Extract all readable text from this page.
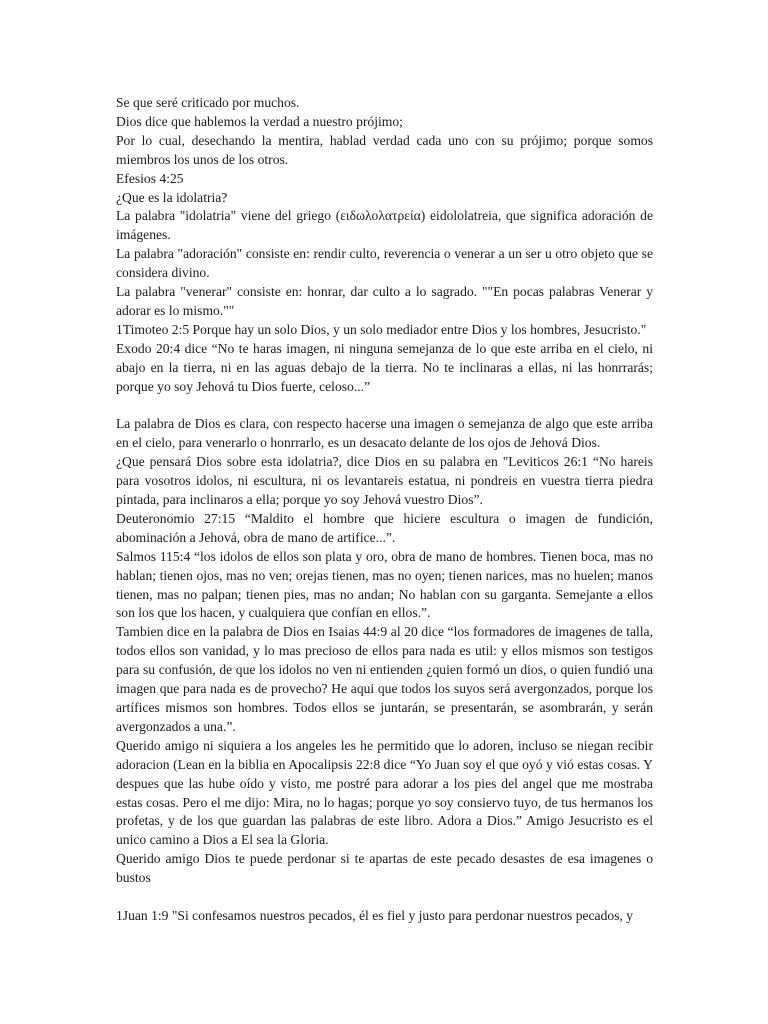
Se que seré criticado por muchos.

Dios dice que hablemos la verdad a nuestro prójimo;

Por lo cual, desechando la mentira, hablad verdad cada uno con su prójimo; porque somos miembros los unos de los otros.

Efesios 4:25

¿Que es la idolatria?

La palabra "idolatria" viene del griego (ειδωλολατρεία) eidololatreia, que significa adoración de imágenes.

La palabra "adoración" consiste en: rendir culto, reverencia o venerar a un ser u otro objeto que se considera divino.

La palabra "venerar" consiste en: honrar, dar culto a lo sagrado. ""En pocas palabras Venerar y adorar es lo mismo.""

1Timoteo 2:5 Porque hay un solo Dios, y un solo mediador entre Dios y los hombres, Jesucristo."

Exodo 20:4 dice “No te haras imagen, ni ninguna semejanza de lo que este arriba en el cielo, ni abajo en la tierra, ni en las aguas debajo de la tierra. No te inclinaras a ellas, ni las honrrarás; porque yo soy Jehová tu Dios fuerte, celoso...”

La palabra de Dios es clara, con respecto hacerse una imagen o semejanza de algo que este arriba en el cielo, para venerarlo o honrrarlo, es un desacato delante de los ojos de Jehová Dios.

¿Que pensará Dios sobre esta idolatria?, dice Dios en su palabra en "Leviticos 26:1 “No hareis para vosotros idolos, ni escultura, ni os levantareis estatua, ni pondreis en vuestra tierra piedra pintada, para inclinaros a ella; porque yo soy Jehová vuestro Dios”.

Deuteronomio 27:15 “Maldito el hombre que hiciere escultura o imagen de fundición, abominación a Jehová, obra de mano de artifice...”.

Salmos 115:4 “los idolos de ellos son plata y oro, obra de mano de hombres. Tienen boca, mas no hablan; tienen ojos, mas no ven; orejas tienen, mas no oyen; tienen narices, mas no huelen; manos tienen, mas no palpan; tienen pies, mas no andan; No hablan con su garganta. Semejante a ellos son los que los hacen, y cualquiera que confían en ellos.”.

Tambien dice en la palabra de Dios en Isaias 44:9 al 20 dice “los formadores de imagenes de talla, todos ellos son vanidad, y lo mas precioso de ellos para nada es util: y ellos mismos son testigos para su confusión, de que los idolos no ven ni entienden ¿quien formó un dios, o quien fundió una imagen que para nada es de provecho? He aqui que todos los suyos será avergonzados, porque los artífices mismos son hombres. Todos ellos se juntarán, se presentarán, se asombrarán, y serán avergonzados a una.”.

Querido amigo ni siquiera a los angeles les he permitido que lo adoren, incluso se niegan recibir adoracion (Lean en la biblia en Apocalipsis 22:8 dice “Yo Juan soy el que oyó y vió estas cosas. Y despues que las hube oído y visto, me postré para adorar a los pies del angel que me mostraba estas cosas. Pero el me dijo: Mira, no lo hagas; porque yo soy consiervo tuyo, de tus hermanos los profetas, y de los que guardan las palabras de este libro. Adora a Dios.” Amigo Jesucristo es el unico camino a Dios a El sea la Gloria.

Querido amigo Dios te puede perdonar si te apartas de este pecado desastes de esa imagenes o bustos

1Juan 1:9 "Si confesamos nuestros pecados, él es fiel y justo para perdonar nuestros pecados, y
